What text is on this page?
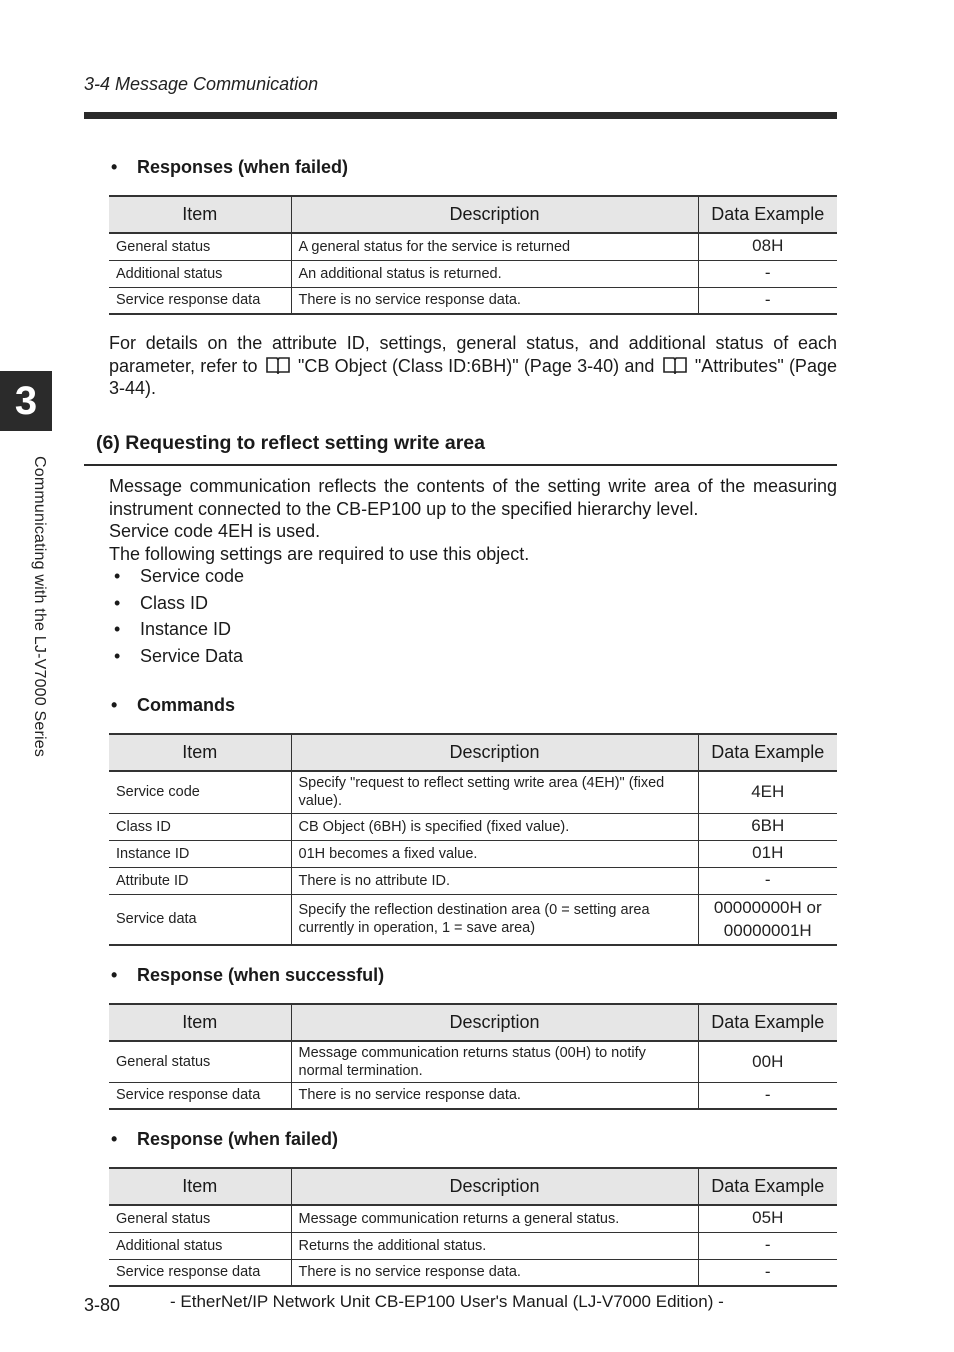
3-4 Message Communication
3
Communicating with the LJ-V7000 Series
• Responses (when failed)
Item	Description	Data Example
General status	A general status for the service is returned	08H
Additional status	An additional status is returned.	-
Service response data	There is no service response data.	-
For details on the attribute ID, settings, general status, and additional status of each parameter, refer to "CB Object (Class ID:6BH)" (Page 3-40) and "Attributes" (Page 3-44).
(6) Requesting to reflect setting write area
Message communication reflects the contents of the setting write area of the measuring instrument connected to the CB-EP100 up to the specified hierarchy level.
Service code 4EH is used.
The following settings are required to use this object.
• Service code
• Class ID
• Instance ID
• Service Data
• Commands
Item	Description	Data Example
Service code	Specify "request to reflect setting write area (4EH)" (fixed value).	4EH
Class ID	CB Object (6BH) is specified (fixed value).	6BH
Instance ID	01H becomes a fixed value.	01H
Attribute ID	There is no attribute ID.	-
Service data	Specify the reflection destination area (0 = setting area currently in operation, 1 = save area)	00000000H or 00000001H
• Response (when successful)
Item	Description	Data Example
General status	Message communication returns status (00H) to notify normal termination.	00H
Service response data	There is no service response data.	-
• Response (when failed)
Item	Description	Data Example
General status	Message communication returns a general status.	05H
Additional status	Returns the additional status.	-
Service response data	There is no service response data.	-
3-80	- EtherNet/IP Network Unit CB-EP100 User's Manual (LJ-V7000 Edition) -
